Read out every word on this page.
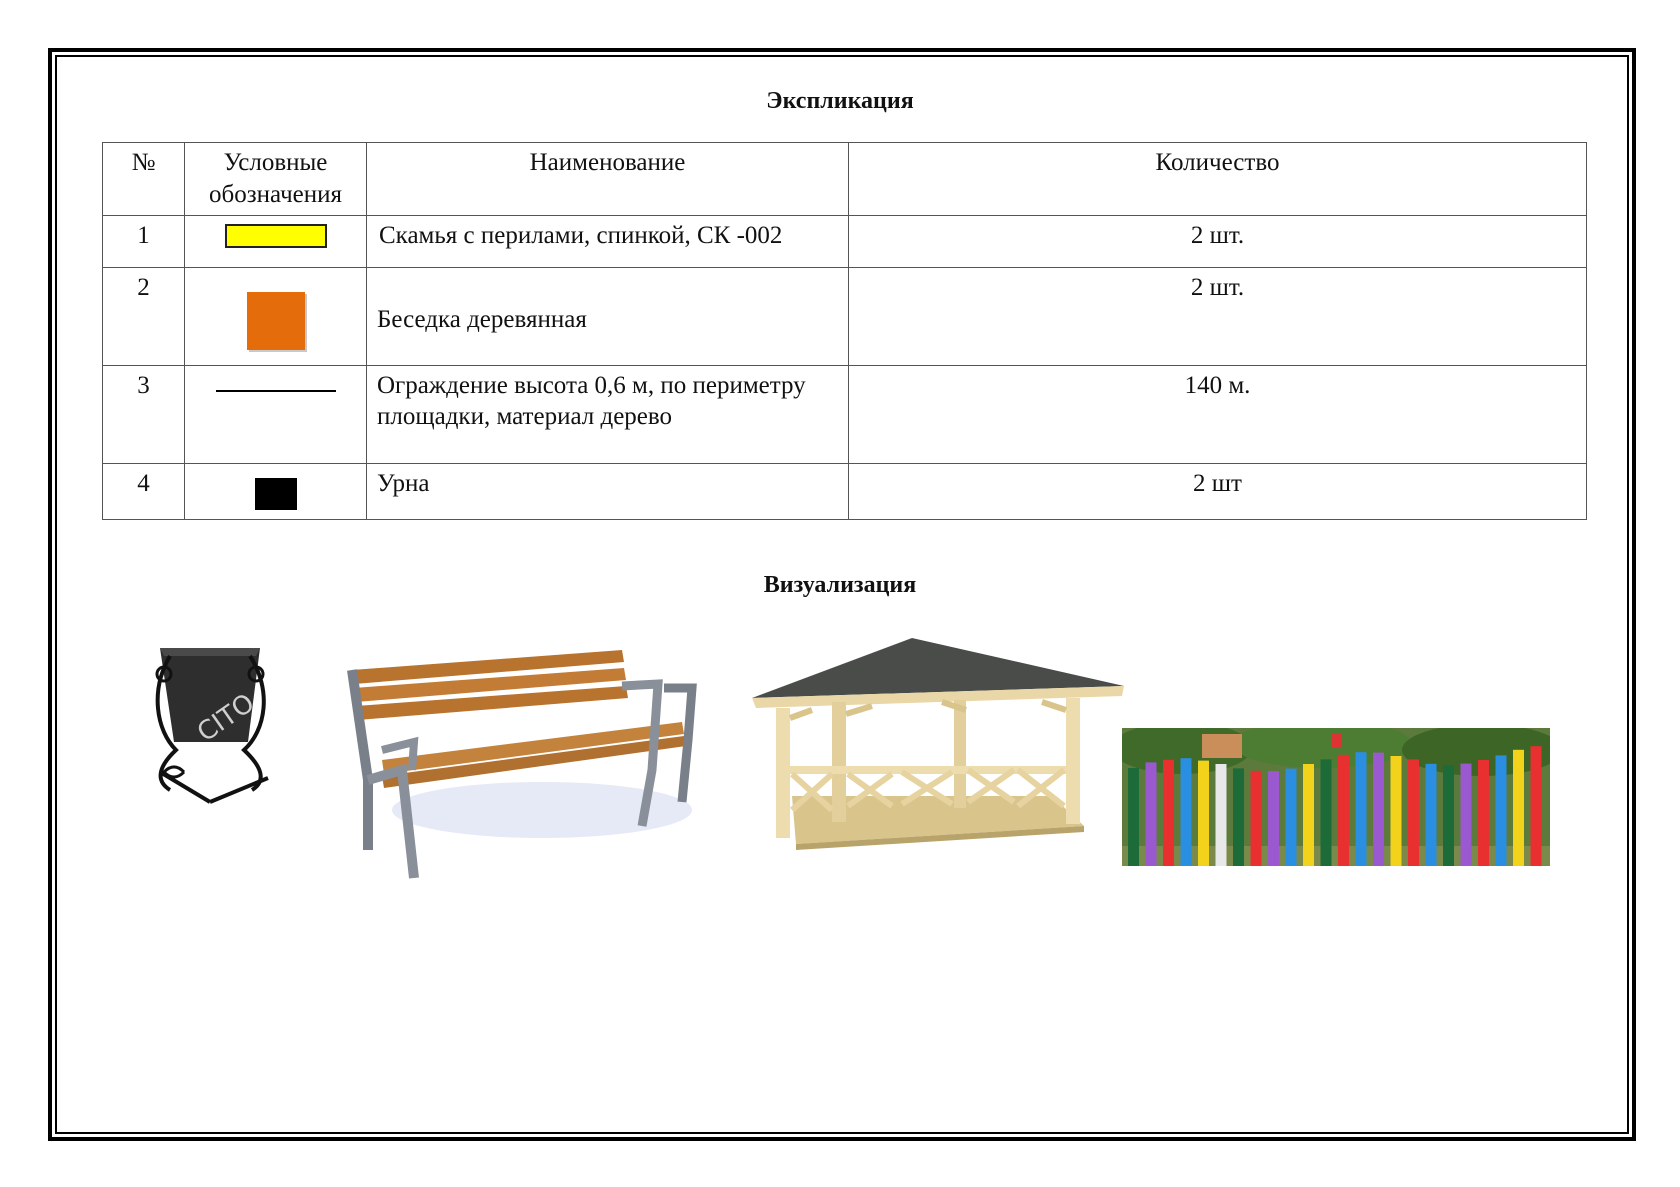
Экспликация
№	Условные обозначения	Наименование	Количество
1		Скамья с перилами, спинкой, СК -002	2 шт.
2		Беседка деревянная	2 шт.
3		Ограждение высота 0,6 м, по периметру площадки, материал дерево	140 м.
4		Урна	2 шт
Визуализация
CITO
